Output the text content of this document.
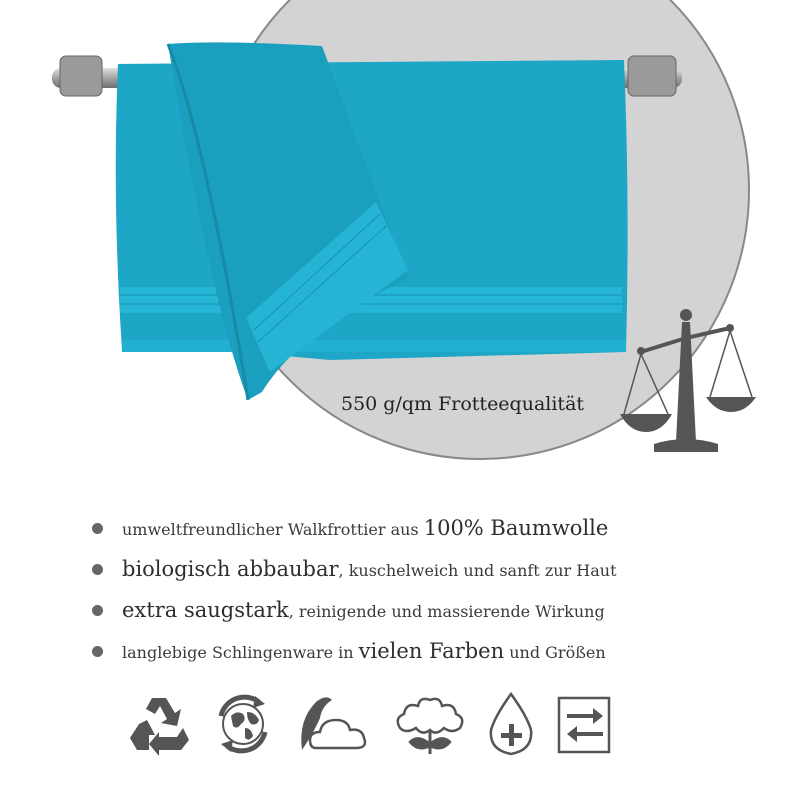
550 g/qm Frotteequalität
umweltfreundlicher Walkfrottier aus 100% Baumwolle
biologisch abbaubar, kuschelweich und sanft zur Haut
extra saugstark, reinigende und massierende Wirkung
langlebige Schlingenware in vielen Farben und Größen
